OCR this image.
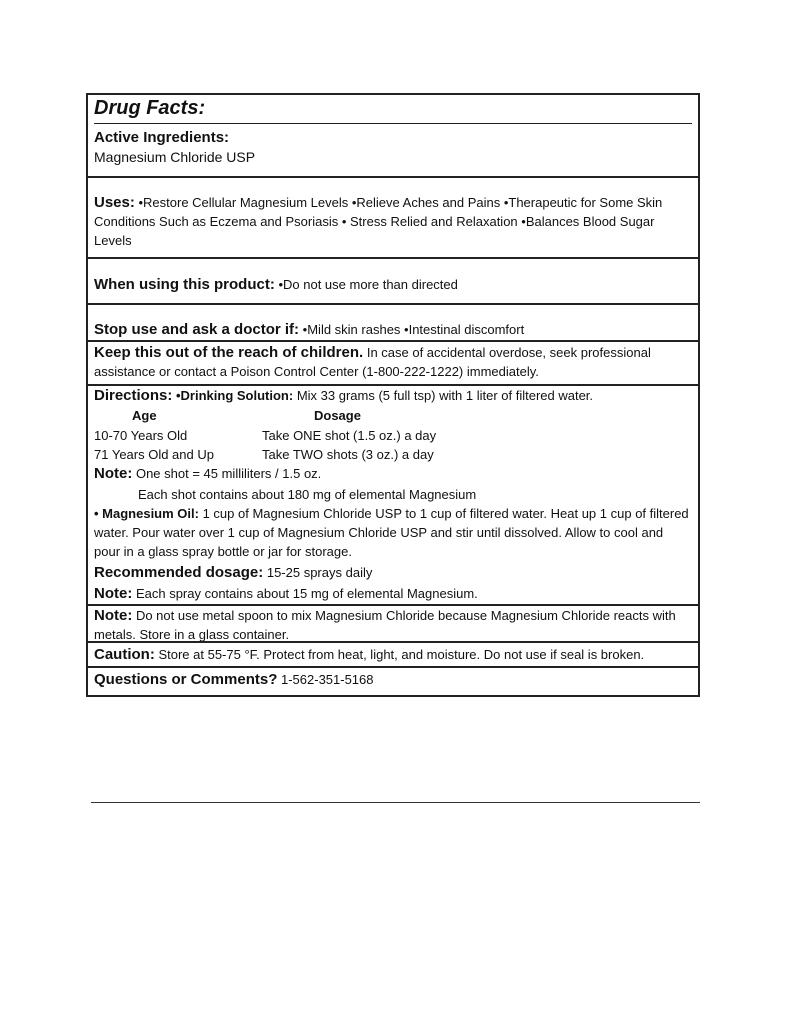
Drug Facts:
Active Ingredients:
Magnesium Chloride USP
Uses: •Restore Cellular Magnesium Levels •Relieve Aches and Pains •Therapeutic for Some Skin Conditions Such as Eczema and Psoriasis • Stress Relied and Relaxation •Balances Blood Sugar Levels
When using this product: •Do not use more than directed
Stop use and ask a doctor if: •Mild skin rashes •Intestinal discomfort
Keep this out of the reach of children. In case of accidental overdose, seek professional assistance or contact a Poison Control Center (1-800-222-1222) immediately.
Directions: •Drinking Solution: Mix 33 grams (5 full tsp) with 1 liter of filtered water.
Age	Dosage
10-70 Years Old	Take ONE shot (1.5 oz.) a day
71 Years Old and Up	Take TWO shots (3 oz.) a day
Note: One shot = 45 milliliters / 1.5 oz.
Each shot contains about 180 mg of elemental Magnesium
• Magnesium Oil: 1 cup of Magnesium Chloride USP to 1 cup of filtered water. Heat up 1 cup of filtered water. Pour water over 1 cup of Magnesium Chloride USP and stir until dissolved. Allow to cool and pour in a glass spray bottle or jar for storage.
Recommended dosage: 15-25 sprays daily
Note: Each spray contains about 15 mg of elemental Magnesium.
Note: Do not use metal spoon to mix Magnesium Chloride because Magnesium Chloride reacts with metals. Store in a glass container.
Caution: Store at 55-75 °F. Protect from heat, light, and moisture. Do not use if seal is broken.
Questions or Comments? 1-562-351-5168
